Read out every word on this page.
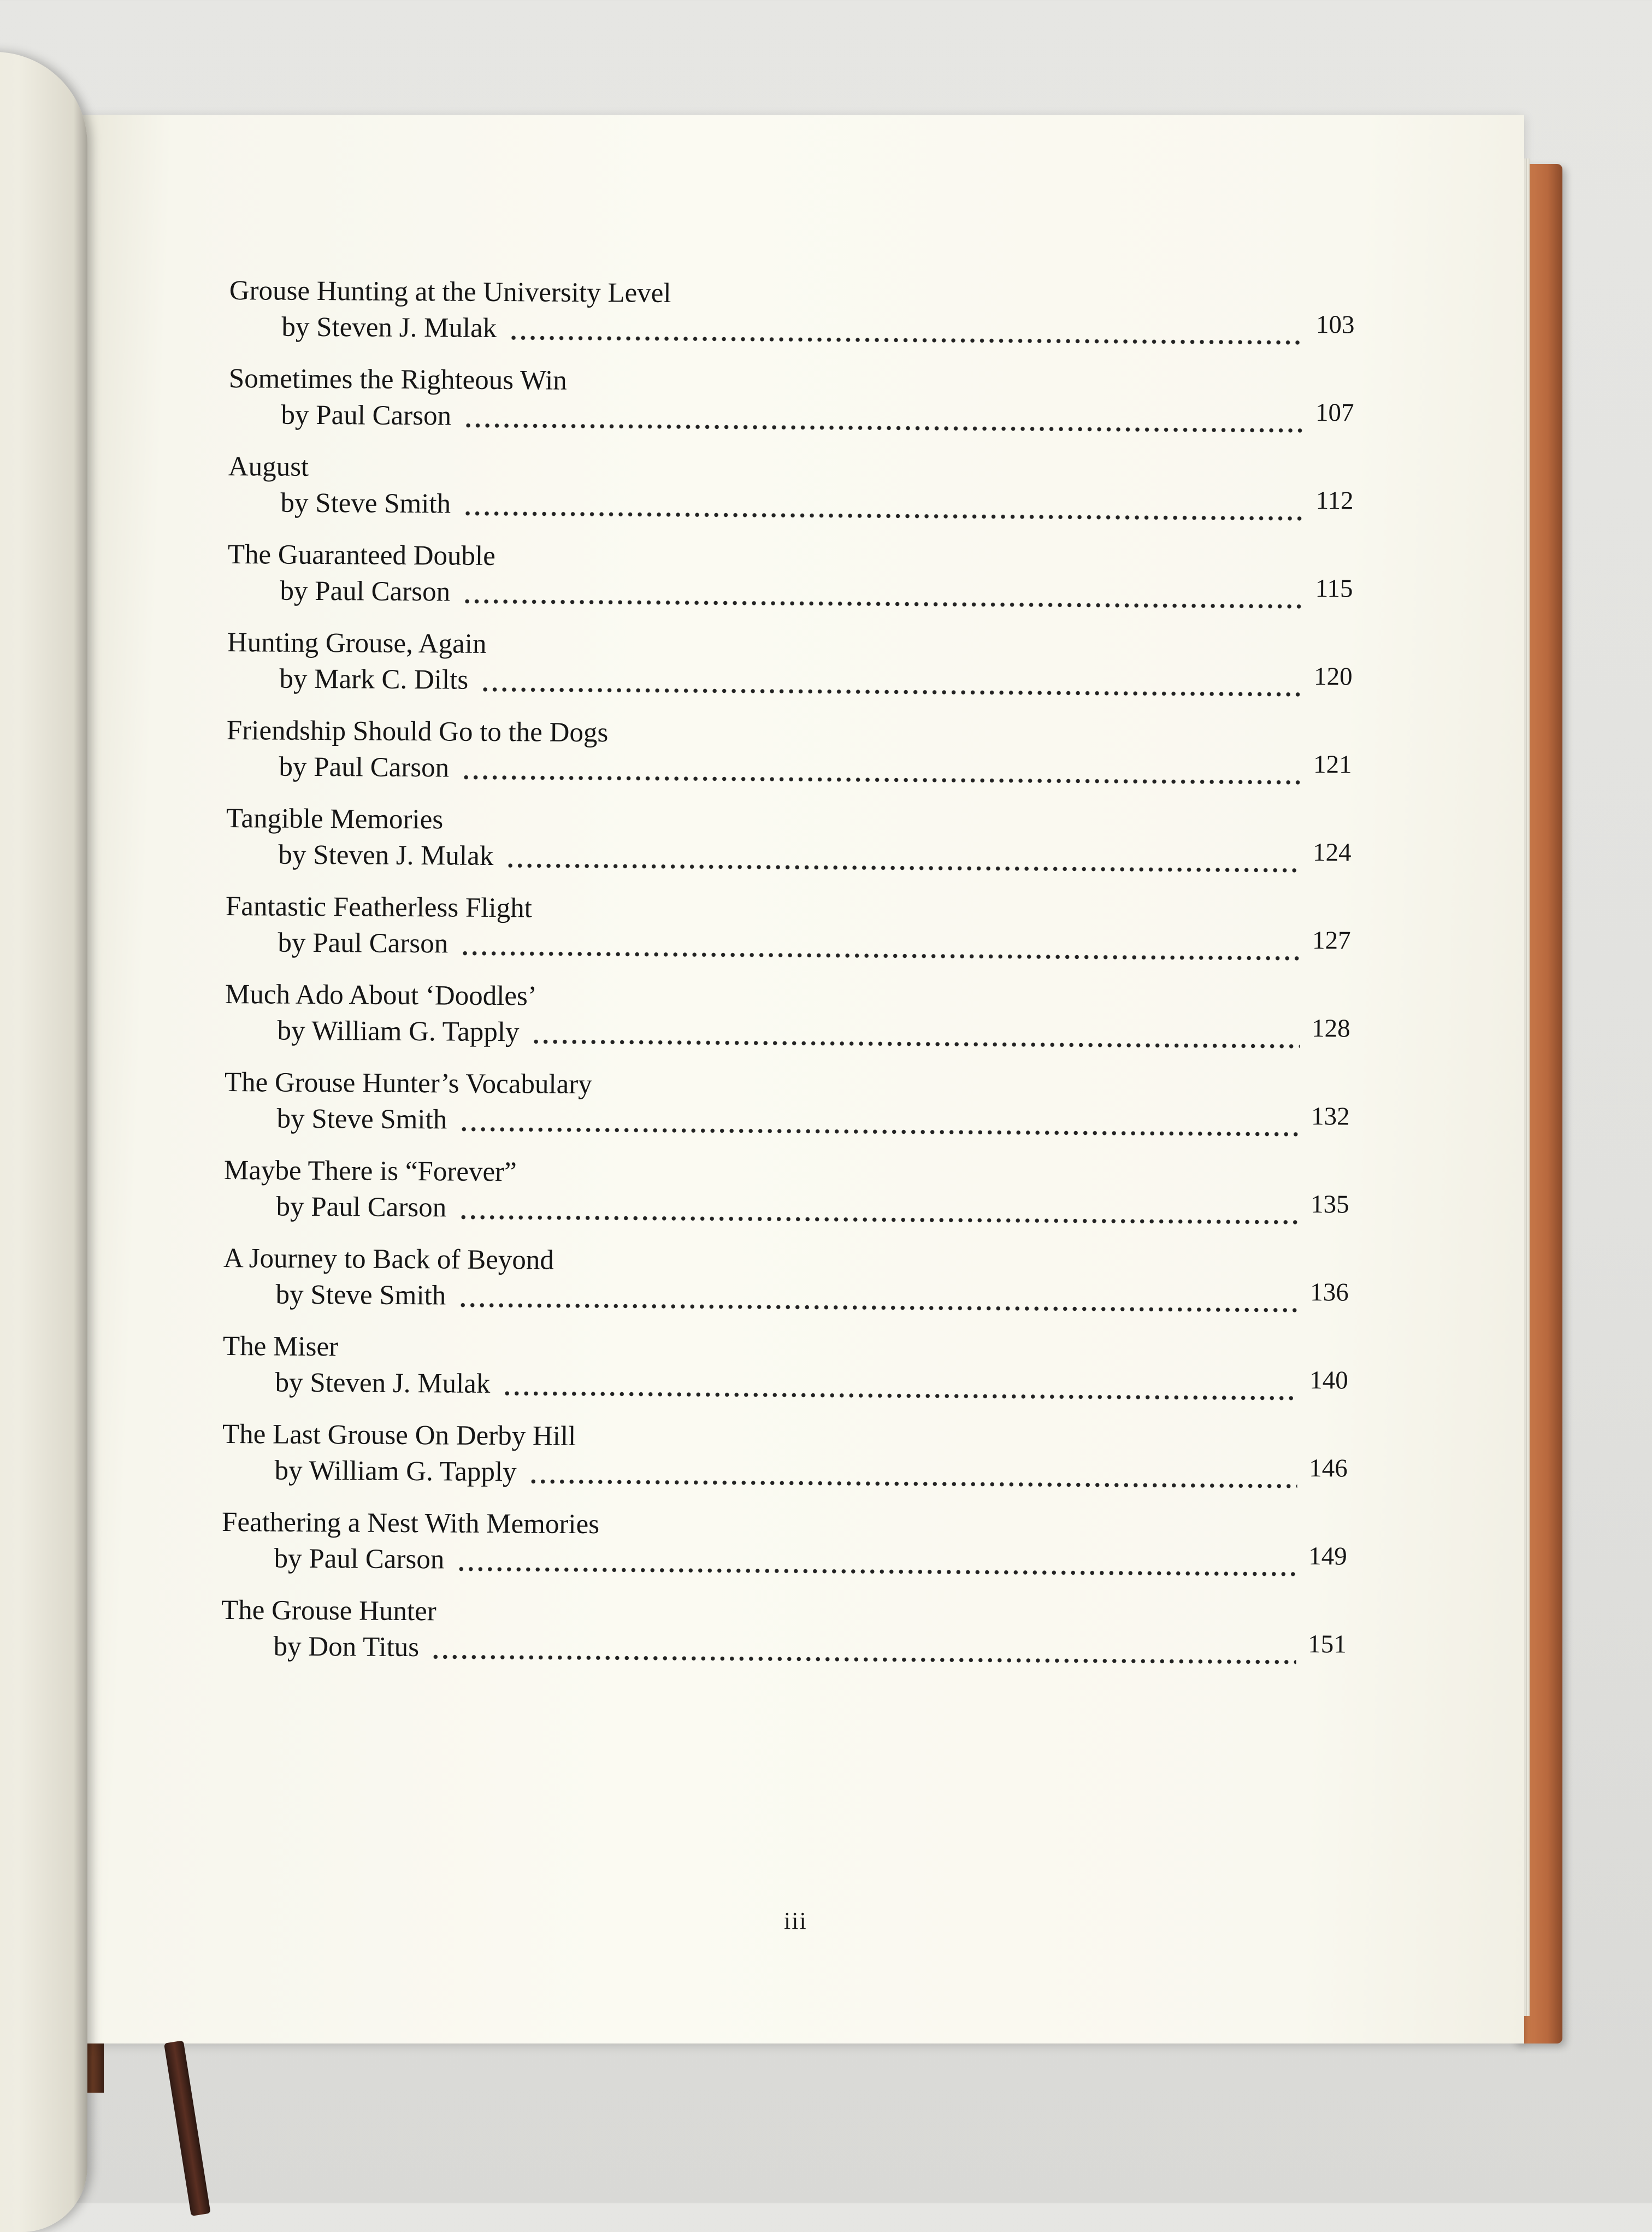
Grouse Hunting at the University Level
by Steven J. Mulak	103
Sometimes the Righteous Win
by Paul Carson	107
August
by Steve Smith	112
The Guaranteed Double
by Paul Carson	115
Hunting Grouse, Again
by Mark C. Dilts	120
Friendship Should Go to the Dogs
by Paul Carson	121
Tangible Memories
by Steven J. Mulak	124
Fantastic Featherless Flight
by Paul Carson	127
Much Ado About ‘Doodles’
by William G. Tapply	128
The Grouse Hunter’s Vocabulary
by Steve Smith	132
Maybe There is “Forever”
by Paul Carson	135
A Journey to Back of Beyond
by Steve Smith	136
The Miser
by Steven J. Mulak	140
The Last Grouse On Derby Hill
by William G. Tapply	146
Feathering a Nest With Memories
by Paul Carson	149
The Grouse Hunter
by Don Titus	151
iii
